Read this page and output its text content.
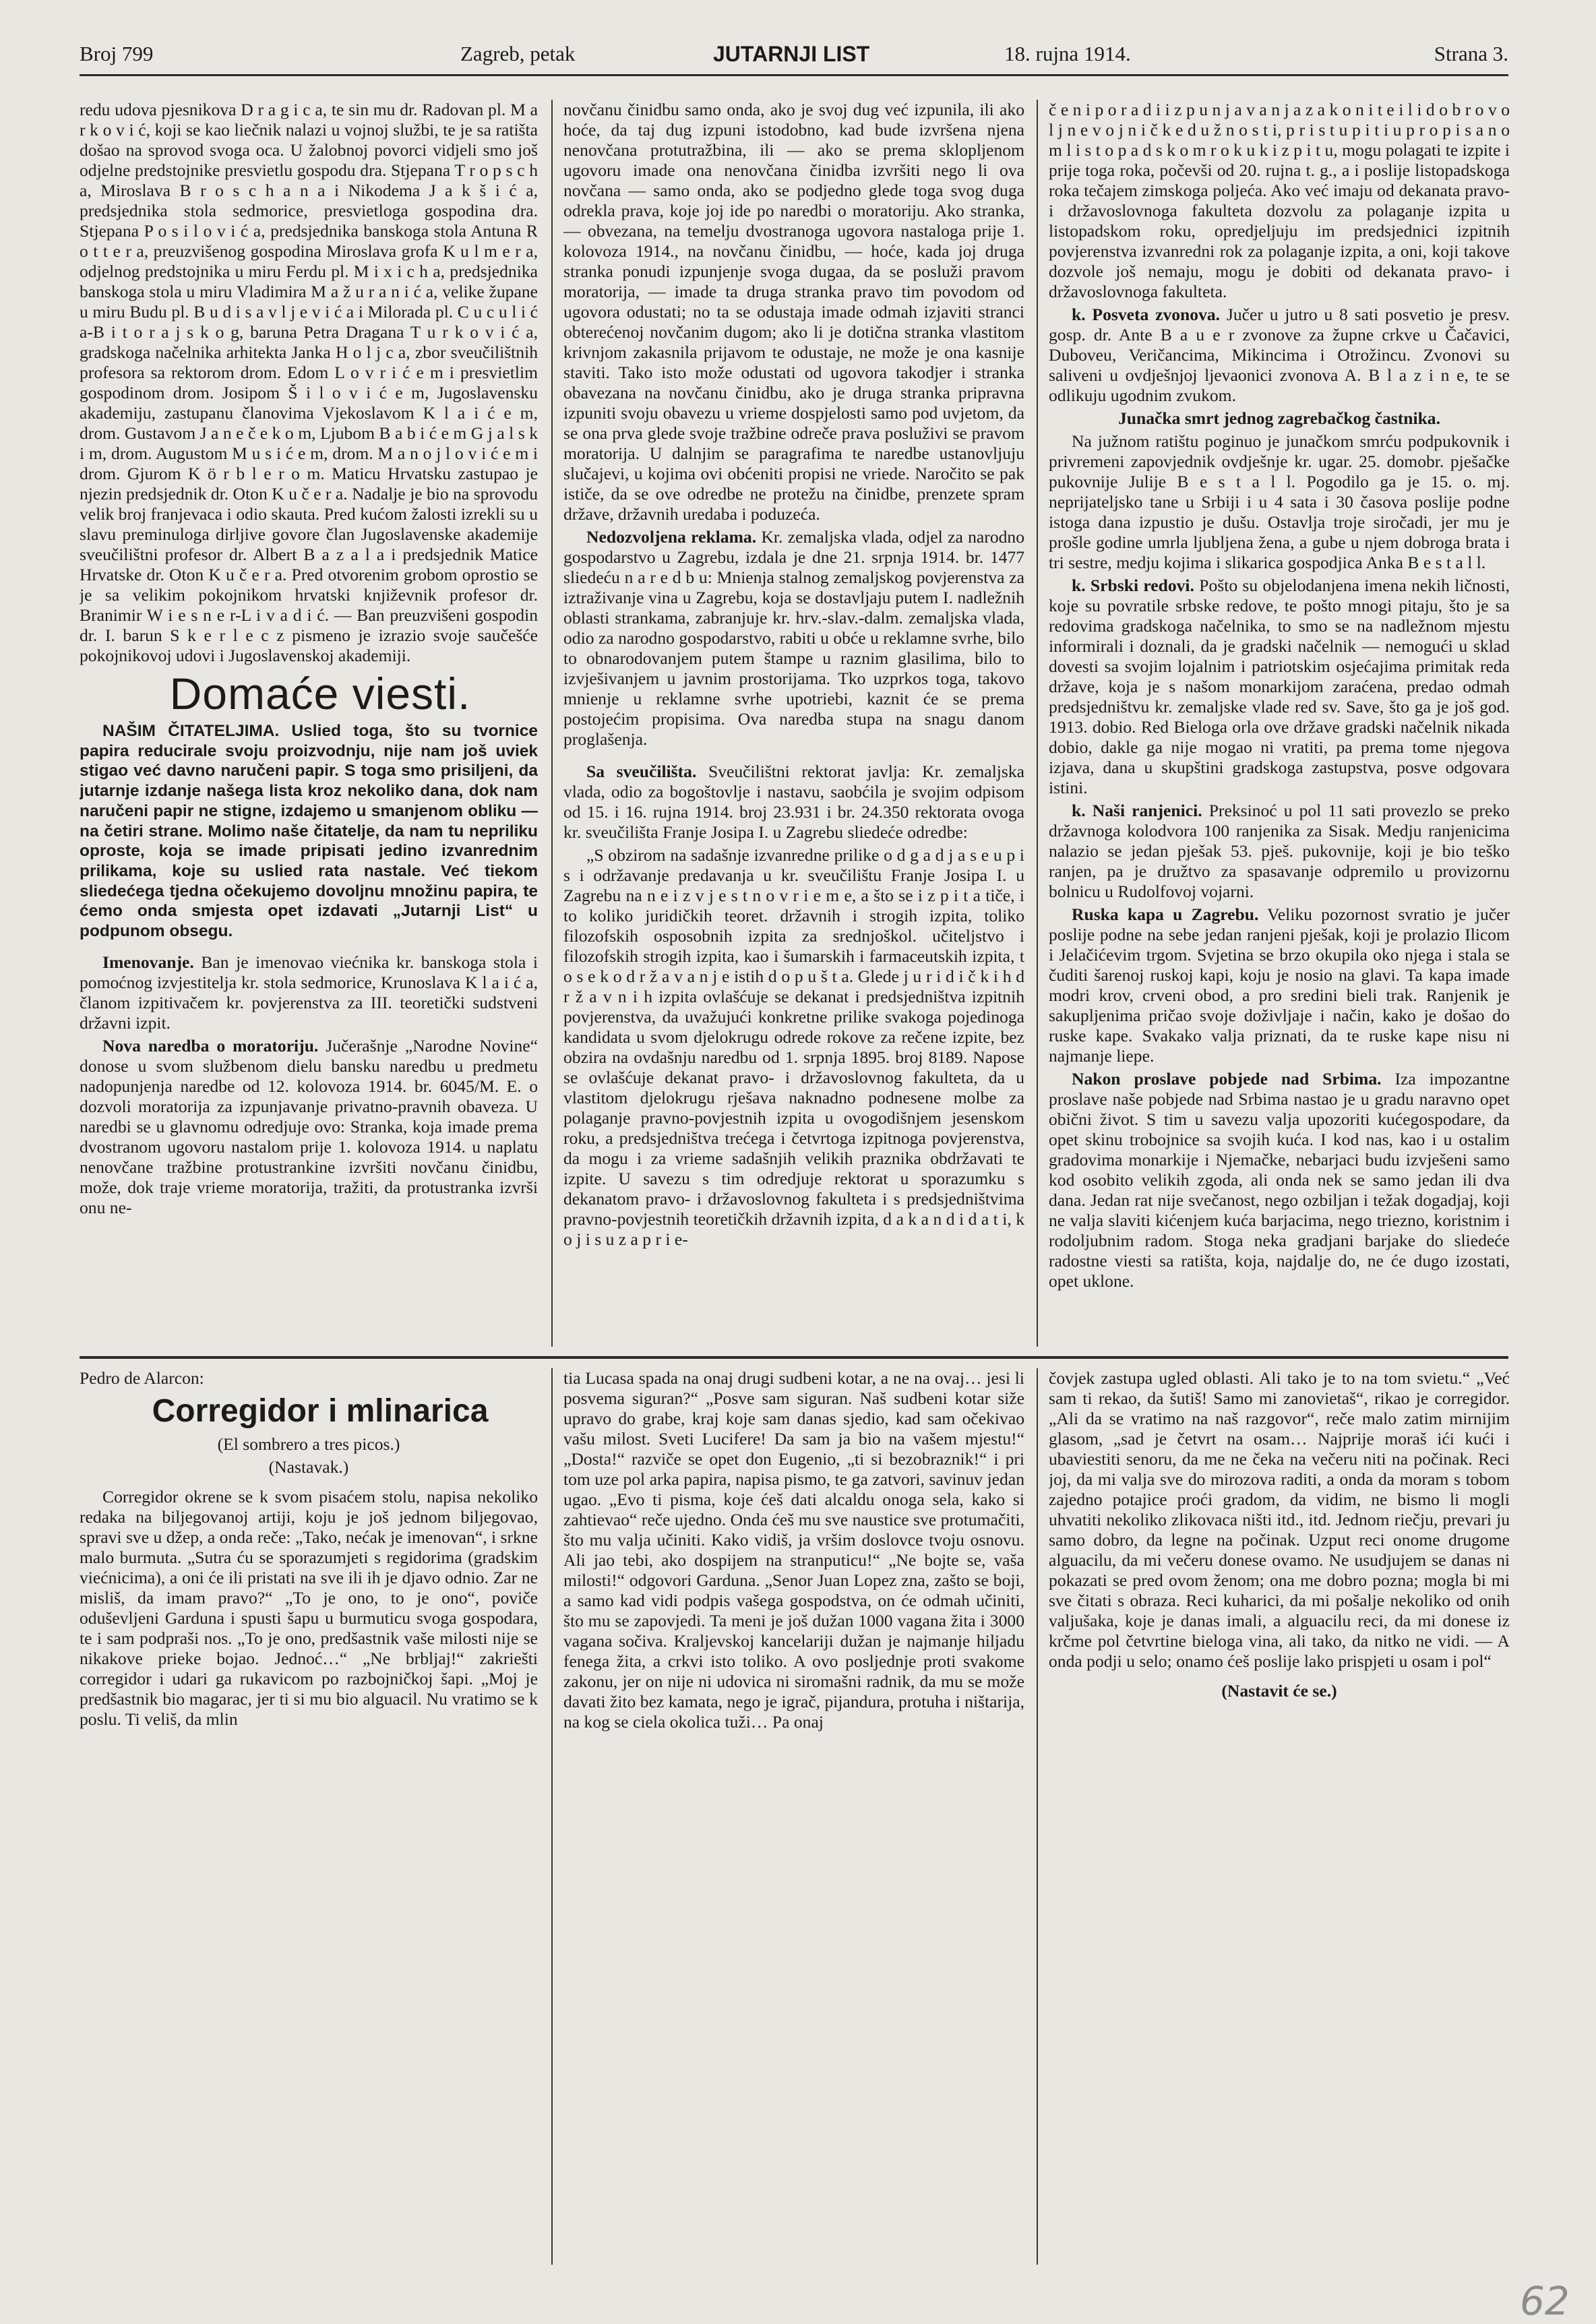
Broj 799	Zagreb, petak	JUTARNJI LIST	18. rujna 1914.	Strana 3.

redu udova pjesnikova D r a g i c a, te sin mu dr. Radovan pl. M a r k o v i ć, koji se kao liečnik nalazi u vojnoj službi, te je sa ratišta došao na sprovod svoga oca. U žalobnoj povorci vidjeli smo još odjelne predstojnike presvietlu gospodu dra. Stjepana T r o p s c h a, Miroslava B r o s c h a n a i Nikodema J a k š i ć a, predsjednika stola sedmorice, presvietloga gospodina dra. Stjepana P o s i l o v i ć a, predsjednika banskoga stola Antuna R o t t e r a, preuzvišenog gospodina Miroslava grofa K u l m e r a, odjelnog predstojnika u miru Ferdu pl. M i x i c h a, predsjednika banskoga stola u miru Vladimira M a ž u r a n i ć a, velike župane u miru Budu pl. B u d i s a v l j e v i ć a i Milorada pl. C u c u l i ć a-B i t o r a j s k o g, baruna Petra Dragana T u r k o v i ć a, gradskoga načelnika arhitekta Janka H o l j c a, zbor sveučilištnih profesora sa rektorom drom. Edom L o v r i ć e m i presvietlim gospodinom drom. Josipom Š i l o v i ć e m, Jugoslavensku akademiju, zastupanu članovima Vjekoslavom K l a i ć e m, drom. Gustavom J a n e č e k o m, Ljubom B a b i ć e m G j a l s k i m, drom. Augustom M u s i ć e m, drom. M a n o j l o v i ć e m i drom. Gjurom K ö r b l e r o m. Maticu Hrvatsku zastupao je njezin predsjednik dr. Oton K u č e r a. Nadalje je bio na sprovodu velik broj franjevaca i odio skauta. Pred kućom žalosti izrekli su u slavu preminuloga dirljive govore član Jugoslavenske akademije sveučilištni profesor dr. Albert B a z a l a i predsjednik Matice Hrvatske dr. Oton K u č e r a. Pred otvorenim grobom oprostio se je sa velikim pokojnikom hrvatski književnik profesor dr. Branimir W i e s n e r-L i v a d i ć. — Ban preuzvišeni gospodin dr. I. barun S k e r l e c z pismeno je izrazio svoje saučešće pokojnikovoj udovi i Jugoslavenskoj akademiji.

Domaće viesti.

NAŠIM ČITATELJIMA. Uslied toga, što su tvornice papira reducirale svoju proizvodnju, nije nam još uviek stigao već davno naručeni papir. S toga smo prisiljeni, da jutarnje izdanje našega lista kroz nekoliko dana, dok nam naručeni papir ne stigne, izdajemo u smanjenom obliku — na četiri strane. Molimo naše čitatelje, da nam tu nepriliku oproste, koja se imade pripisati jedino izvanrednim prilikama, koje su uslied rata nastale. Već tiekom sliedećega tjedna očekujemo dovoljnu množinu papira, te ćemo onda smjesta opet izdavati „Jutarnji List“ u podpunom obsegu.

Imenovanje. Ban je imenovao viećnika kr. banskoga stola i pomoćnog izvjestitelja kr. stola sedmorice, Krunoslava K l a i ć a, članom izpitivačem kr. povjerenstva za III. teoretički sudstveni državni izpit.

Nova naredba o moratoriju. Jučerašnje „Narodne Novine“ donose u svom službenom dielu bansku naredbu u predmetu nadopunjenja naredbe od 12. kolovoza 1914. br. 6045/M. E. o dozvoli moratorija za izpunjavanje privatno-pravnih obaveza. U naredbi se u glavnomu odredjuje ovo: Stranka, koja imade prema dvostranom ugovoru nastalom prije 1. kolovoza 1914. u naplatu nenovčane tražbine protustrankine izvršiti novčanu činidbu, može, dok traje vrieme moratorija, tražiti, da protustranka izvrši onu ne-

novčanu činidbu samo onda, ako je svoj dug već izpunila, ili ako hoće, da taj dug izpuni istodobno, kad bude izvršena njena nenovčana protutražbina, ili — ako se prema sklopljenom ugovoru imade ona nenovčana činidba izvršiti nego li ova novčana — samo onda, ako se podjedno glede toga svog duga odrekla prava, koje joj ide po naredbi o moratoriju. Ako stranka, — obvezana, na temelju dvostranoga ugovora nastaloga prije 1. kolovoza 1914., na novčanu činidbu, — hoće, kada joj druga stranka ponudi izpunjenje svoga dugaa, da se posluži pravom moratorija, — imade ta druga stranka pravo tim povodom od ugovora odustati; no ta se odustaja imade odmah izjaviti stranci obterećenoj novčanim dugom; ako li je dotična stranka vlastitom krivnjom zakasnila prijavom te odustaje, ne može je ona kasnije staviti. Tako isto može odustati od ugovora takodjer i stranka obavezana na novčanu činidbu, ako je druga stranka pripravna izpuniti svoju obavezu u vrieme dospjelosti samo pod uvjetom, da se ona prva glede svoje tražbine odreče prava posluživi se pravom moratorija. U dalnjim se paragrafima te naredbe ustanovljuju slučajevi, u kojima ovi obćeniti propisi ne vriede. Naročito se pak ističe, da se ove odredbe ne protežu na činidbe, prenzete spram države, državnih uredaba i poduzeća.

Nedozvoljena reklama. Kr. zemaljska vlada, odjel za narodno gospodarstvo u Zagrebu, izdala je dne 21. srpnja 1914. br. 1477 sliedeću n a r e d b u: Mnienja stalnog zemaljskog povjerenstva za iztraživanje vina u Zagrebu, koja se dostavljaju putem I. nadležnih oblasti strankama, zabranjuje kr. hrv.-slav.-dalm. zemaljska vlada, odio za narodno gospodarstvo, rabiti u obće u reklamne svrhe, bilo to obnarodovanjem putem štampe u raznim glasilima, bilo to izvješivanjem u javnim prostorijama. Tko uzprkos toga, takovo mnienje u reklamne svrhe upotriebi, kaznit će se prema postojećim propisima. Ova naredba stupa na snagu danom proglašenja.

Sa sveučilišta. Sveučilištni rektorat javlja: Kr. zemaljska vlada, odio za bogoštovlje i nastavu, saobćila je svojim odpisom od 15. i 16. rujna 1914. broj 23.931 i br. 24.350 rektorata ovoga kr. sveučilišta Franje Josipa I. u Zagrebu sliedeće odredbe:

„S obzirom na sadašnje izvanredne prilike o d g a d j a s e u p i s i održavanje predavanja u kr. sveučilištu Franje Josipa I. u Zagrebu na n e i z v j e s t n o v r i e m e, a što se i z p i t a tiče, i to koliko juridičkih teoret. državnih i strogih izpita, toliko filozofskih osposobnih izpita za srednjoškol. učiteljstvo i filozofskih strogih izpita, kao i šumarskih i farmaceutskih izpita, t o s e k o d r ž a v a n j e istih d o p u š t a. Glede j u r i d i č k i h d r ž a v n i h izpita ovlašćuje se dekanat i predsjedništva izpitnih povjerenstva, da uvažujući konkretne prilike svakoga pojedinoga kandidata u svom djelokrugu odrede rokove za rečene izpite, bez obzira na ovdašnju naredbu od 1. srpnja 1895. broj 8189. Napose se ovlašćuje dekanat pravo- i državoslovnog fakulteta, da u vlastitom djelokrugu rješava naknadno podnesene molbe za polaganje pravno-povjestnih izpita u ovogodišnjem jesenskom roku, a predsjedništva trećega i četvrtoga izpitnoga povjerenstva, da mogu i za vrieme sadašnjih velikih praznika obdržavati te izpite. U savezu s tim odredjuje rektorat u sporazumku s dekanatom pravo- i državoslovnog fakulteta i s predsjedništvima pravno-povjestnih teoretičkih državnih izpita, d a k a n d i d a t i, k o j i s u z a p r i e-

č e n i p o r a d i i z p u n j a v a n j a z a k o n i t e i l i d o b r o v o l j n e v o j n i č k e d u ž n o s t i, p r i s t u p i t i u p r o p i s a n o m l i s t o p a d s k o m r o k u k i z p i t u, mogu polagati te izpite i prije toga roka, počevši od 20. rujna t. g., a i poslije listopadskoga roka tečajem zimskoga poljeća. Ako već imaju od dekanata pravo- i državoslovnoga fakulteta dozvolu za polaganje izpita u listopadskom roku, opredjeljuju im predsjednici izpitnih povjerenstva izvanredni rok za polaganje izpita, a oni, koji takove dozvole još nemaju, mogu je dobiti od dekanata pravo- i državoslovnoga fakulteta.

k. Posveta zvonova. Jučer u jutro u 8 sati posvetio je presv. gosp. dr. Ante B a u e r zvonove za župne crkve u Čačavici, Duboveu, Veričancima, Mikincima i Otrožincu. Zvonovi su saliveni u ovdješnjoj ljevaonici zvonova A. B l a z i n e, te se odlikuju ugodnim zvukom.

Junačka smrt jednog zagrebačkog častnika.

Na južnom ratištu poginuo je junačkom smrću podpukovnik i privremeni zapovjednik ovdješnje kr. ugar. 25. domobr. pješačke pukovnije Julije B e s t a l l. Pogodilo ga je 15. o. mj. neprijateljsko tane u Srbiji i u 4 sata i 30 časova poslije podne istoga dana izpustio je dušu. Ostavlja troje siročadi, jer mu je prošle godine umrla ljubljena žena, a gube u njem dobroga brata i tri sestre, medju kojima i slikarica gospodjica Anka B e s t a l l.

k. Srbski redovi. Pošto su objelodanjena imena nekih ličnosti, koje su povratile srbske redove, te pošto mnogi pitaju, što je sa redovima gradskoga načelnika, to smo se na nadležnom mjestu informirali i doznali, da je gradski načelnik — nemogući u sklad dovesti sa svojim lojalnim i patriotskim osjećajima primitak reda države, koja je s našom monarkijom zaraćena, predao odmah predsjedništvu kr. zemaljske vlade red sv. Save, što ga je još god. 1913. dobio. Red Bieloga orla ove države gradski načelnik nikada dobio, dakle ga nije mogao ni vratiti, pa prema tome njegova izjava, dana u skupštini gradskoga zastupstva, posve odgovara istini.

k. Naši ranjenici. Preksinoć u pol 11 sati provezlo se preko državnoga kolodvora 100 ranjenika za Sisak. Medju ranjenicima nalazio se jedan pješak 53. pješ. pukovnije, koji je bio teško ranjen, pa je družtvo za spasavanje odpremilo u provizornu bolnicu u Rudolfovoj vojarni.

Ruska kapa u Zagrebu. Veliku pozornost svratio je jučer poslije podne na sebe jedan ranjeni pješak, koji je prolazio Ilicom i Jelačićevim trgom. Svjetina se brzo okupila oko njega i stala se čuditi šarenoj ruskoj kapi, koju je nosio na glavi. Ta kapa imade modri krov, crveni obod, a pro sredini bieli trak. Ranjenik je sakupljenima pričao svoje doživljaje i način, kako je došao do ruske kape. Svakako valja priznati, da te ruske kape nisu ni najmanje liepe.

Nakon proslave pobjede nad Srbima. Iza impozantne proslave naše pobjede nad Srbima nastao je u gradu naravno opet obični život. S tim u savezu valja upozoriti kućegospodare, da opet skinu trobojnice sa svojih kuća. I kod nas, kao i u ostalim gradovima monarkije i Njemačke, nebarjaci budu izvješeni samo kod osobito velikih zgoda, ali onda nek se samo jedan ili dva dana. Jedan rat nije svečanost, nego ozbiljan i težak dogadjaj, koji ne valja slaviti kićenjem kuća barjacima, nego triezno, koristnim i rodoljubnim radom. Stoga neka gradjani barjake do sliedeće radostne viesti sa ratišta, koja, najdalje do, ne će dugo izostati, opet uklone.

Pedro de Alarcon:

Corregidor i mlinarica

(El sombrero a tres picos.)

(Nastavak.)

Corregidor okrene se k svom pisaćem stolu, napisa nekoliko redaka na biljegovanoj artiji, koju je još jednom biljegovao, spravi sve u džep, a onda reče: „Tako, nećak je imenovan“, i srkne malo burmuta. „Sutra ću se sporazumjeti s regidorima (gradskim viećnicima), a oni će ili pristati na sve ili ih je djavo odnio. Zar ne misliš, da imam pravo?“ „To je ono, to je ono“, poviče oduševljeni Garduna i spusti šapu u burmuticu svoga gospodara, te i sam podpraši nos. „To je ono, predšastnik vaše milosti nije se nikakove prieke bojao. Jednoć…“ „Ne brbljaj!“ zakriešti corregidor i udari ga rukavicom po razbojničkoj šapi. „Moj je predšastnik bio magarac, jer ti si mu bio alguacil. Nu vratimo se k poslu. Ti veliš, da mlin

tia Lucasa spada na onaj drugi sudbeni kotar, a ne na ovaj… jesi li posvema siguran?“ „Posve sam siguran. Naš sudbeni kotar siže upravo do grabe, kraj koje sam danas sjedio, kad sam očekivao vašu milost. Sveti Lucifere! Da sam ja bio na vašem mjestu!“ „Dosta!“ razviče se opet don Eugenio, „ti si bezobraznik!“ i pri tom uze pol arka papira, napisa pismo, te ga zatvori, savinuv jedan ugao. „Evo ti pisma, koje ćeš dati alcaldu onoga sela, kako si zahtievao“ reče ujedno. Onda ćeš mu sve naustice sve protumačiti, što mu valja učiniti. Kako vidiš, ja vršim doslovce tvoju osnovu. Ali jao tebi, ako dospijem na stranputicu!“ „Ne bojte se, vaša milosti!“ odgovori Garduna. „Senor Juan Lopez zna, zašto se boji, a samo kad vidi podpis vašega gospodstva, on će odmah učiniti, što mu se zapovjedi. Ta meni je još dužan 1000 vagana žita i 3000 vagana sočiva. Kraljevskoj kancelariji dužan je najmanje hiljadu fenega žita, a crkvi isto toliko. A ovo posljednje proti svakome zakonu, jer on nije ni udovica ni siromašni radnik, da mu se može davati žito bez kamata, nego je igrač, pijandura, protuha i ništarija, na kog se ciela okolica tuži… Pa onaj

čovjek zastupa ugled oblasti. Ali tako je to na tom svietu.“ „Već sam ti rekao, da šutiš! Samo mi zanovietaš“, rikao je corregidor. „Ali da se vratimo na naš razgovor“, reče malo zatim mirnijim glasom, „sad je četvrt na osam… Najprije moraš ići kući i ubaviestiti senoru, da me ne čeka na večeru niti na počinak. Reci joj, da mi valja sve do mirozova raditi, a onda da moram s tobom zajedno potajice proći gradom, da vidim, ne bismo li mogli uhvatiti nekoliko zlikovaca ništi itd., itd. Jednom riečju, prevari ju samo dobro, da legne na počinak. Uzput reci onome drugome alguacilu, da mi večeru donese ovamo. Ne usudjujem se danas ni pokazati se pred ovom ženom; ona me dobro pozna; mogla bi mi sve čitati s obraza. Reci kuharici, da mi pošalje nekoliko od onih valjušaka, koje je danas imali, a alguacilu reci, da mi donese iz krčme pol četvrtine bieloga vina, ali tako, da nitko ne vidi. — A onda podji u selo; onamo ćeš poslije lako prispjeti u osam i pol“

(Nastavit će se.)

62
